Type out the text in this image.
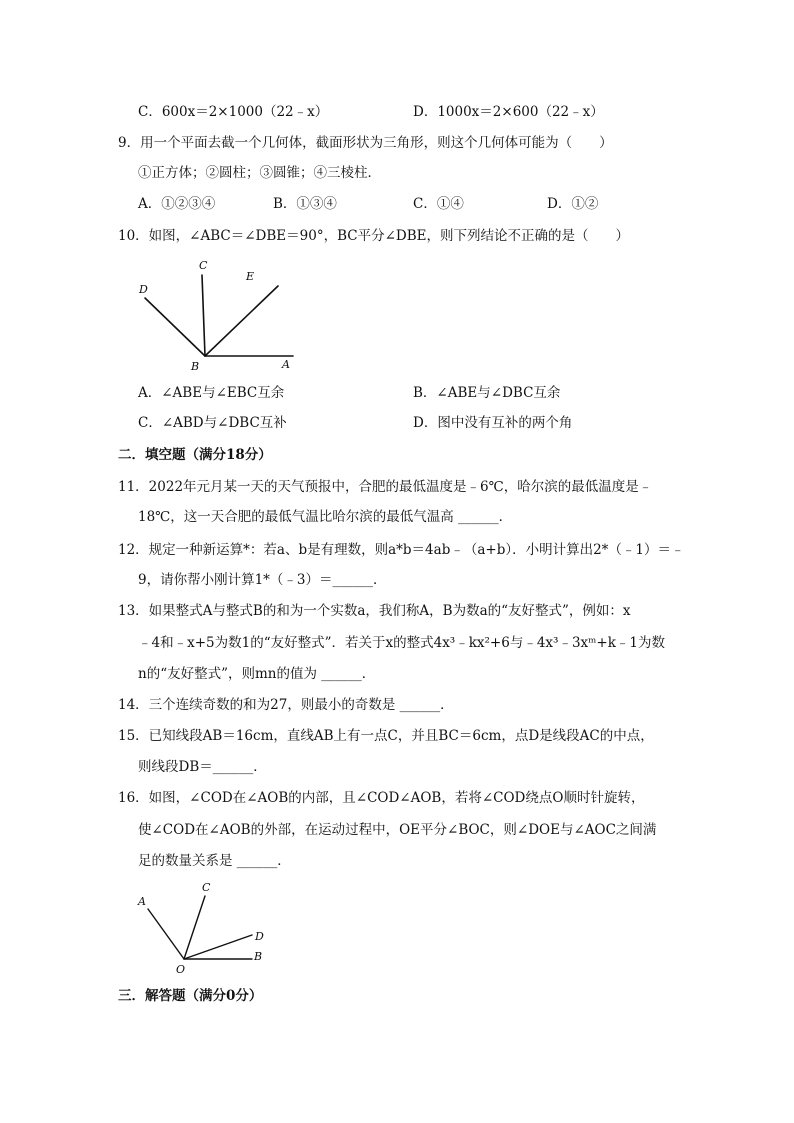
C．600x＝2×1000（22﹣x）	D．1000x＝2×600（22﹣x）
9．用一个平面去截一个几何体，截面形状为三角形，则这个几何体可能为（　　）
①正方体；②圆柱；③圆锥；④三棱柱．
A．①②③④	B．①③④	C．①④	D．①②
10．如图，∠ABC＝∠DBE＝90°，BC平分∠DBE，则下列结论不正确的是（　　）
C
E
D
B	A
A．∠ABE与∠EBC互余	B．∠ABE与∠DBC互余
C．∠ABD与∠DBC互补	D．图中没有互补的两个角
二．填空题（满分18分）
11．2022年元月某一天的天气预报中，合肥的最低温度是﹣6℃，哈尔滨的最低温度是﹣
18℃，这一天合肥的最低气温比哈尔滨的最低气温高 ______．
12．规定一种新运算*：若a、b是有理数，则a*b＝4ab﹣（a+b）．小明计算出2*（﹣1）＝﹣
9，请你帮小刚计算1*（﹣3）＝______．
13．如果整式A与整式B的和为一个实数a，我们称A，B为数a的“友好整式”，例如：x
﹣4和﹣x+5为数1的“友好整式”．若关于x的整式4x³﹣kx²+6与﹣4x³﹣3xᵐ+k﹣1为数
n的“友好整式”，则mn的值为 ______．
14．三个连续奇数的和为27，则最小的奇数是 ______．
15．已知线段AB＝16cm，直线AB上有一点C，并且BC＝6cm，点D是线段AC的中点，
则线段DB＝______．
16．如图，∠COD在∠AOB的内部，且∠COD∠AOB，若将∠COD绕点O顺时针旋转，
使∠COD在∠AOB的外部，在运动过程中，OE平分∠BOC，则∠DOE与∠AOC之间满
足的数量关系是 ______．
A
C
D
O
B
三．解答题（满分0分）
